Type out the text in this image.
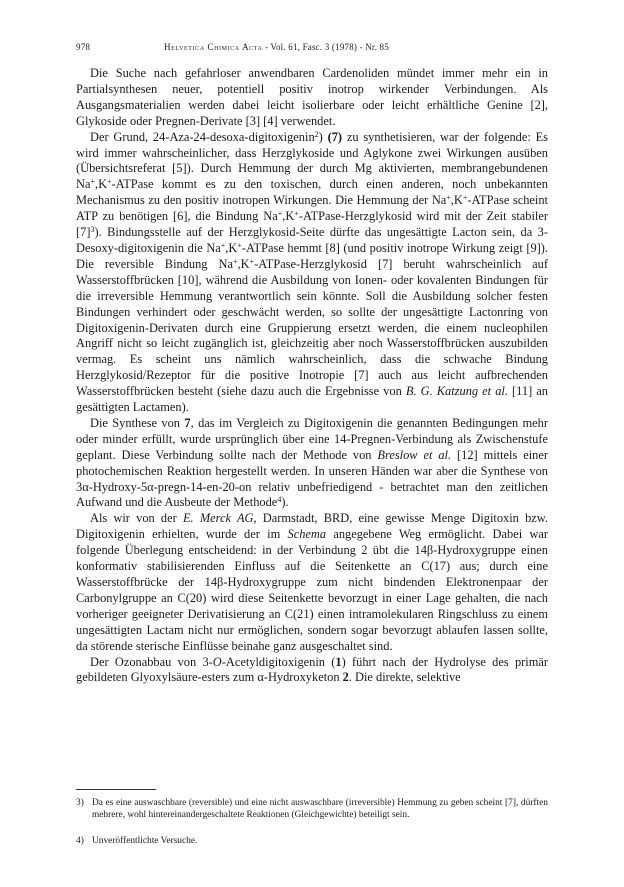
978	Helvetica Chimica Acta - Vol. 61, Fasc. 3 (1978) - Nr. 85

Die Suche nach gefahrloser anwendbaren Cardenoliden mündet immer mehr ein in Partialsynthesen neuer, potentiell positiv inotrop wirkender Verbindungen. Als Ausgangsmaterialien werden dabei leicht isolierbare oder leicht erhältliche Genine [2], Glykoside oder Pregnen-Derivate [3] [4] verwendet.

Der Grund, 24-Aza-24-desoxa-digitoxigenin$^2$) (7) zu synthetisieren, war der folgende: Es wird immer wahrscheinlicher, dass Herzglykoside und Aglykone zwei Wirkungen ausüben (Übersichtsreferat [5]). Durch Hemmung der durch Mg aktivierten, membrangebundenen Na+,K+-ATPase kommt es zu den toxischen, durch einen anderen, noch unbekannten Mechanismus zu den positiv inotropen Wirkungen. Die Hemmung der Na+,K+-ATPase scheint ATP zu benötigen [6], die Bindung Na+,K+-ATPase-Herzglykosid wird mit der Zeit stabiler $[7]^3$). Bindungsstelle auf der Herzglykosid-Seite dürfte das ungesättigte Lacton sein, da 3-Desoxy-digitoxigenin die Na+,K+-ATPase hemmt [8] (und positiv inotrope Wirkung zeigt [9]). Die reversible Bindung Na+,K+-ATPase-Herzglykosid [7] beruht wahrscheinlich auf Wasserstoffbrücken [10], während die Ausbildung von Ionen- oder kovalenten Bindungen für die irreversible Hemmung verantwortlich sein könnte. Soll die Ausbildung solcher festen Bindungen verhindert oder geschwächt werden, so sollte der ungesättigte Lactonring von Digitoxigenin-Derivaten durch eine Gruppierung ersetzt werden, die einem nucleophilen Angriff nicht so leicht zugänglich ist, gleichzeitig aber noch Wasserstoffbrücken auszubilden vermag. Es scheint uns nämlich wahrscheinlich, dass die schwache Bindung Herzglykosid/Rezeptor für die positive Inotropie [7] auch aus leicht aufbrechenden Wasserstoffbrücken besteht (siehe dazu auch die Ergebnisse von B. G. Katzung et al. [11] an gesättigten Lactamen).

Die Synthese von 7, das im Vergleich zu Digitoxigenin die genannten Bedingungen mehr oder minder erfüllt, wurde ursprünglich über eine 14-Pregnen-Verbindung als Zwischenstufe geplant. Diese Verbindung sollte nach der Methode von Breslow et al. [12] mittels einer photochemischen Reaktion hergestellt werden. In unseren Händen war aber die Synthese von 3α-Hydroxy-5α-pregn-14-en-20-on relativ unbefriedigend - betrachtet man den zeitlichen Aufwand und die Ausbeute der Methode$^4$).

Als wir von der E. Merck AG, Darmstadt, BRD, eine gewisse Menge Digitoxin bzw. Digitoxigenin erhielten, wurde der im Schema angegebene Weg ermöglicht. Dabei war folgende Überlegung entscheidend: in der Verbindung 2 übt die 14β-Hydroxygruppe einen konformativ stabilisierenden Einfluss auf die Seitenkette an C(17) aus; durch eine Wasserstoffbrücke der 14β-Hydroxygruppe zum nicht bindenden Elektronenpaar der Carbonylgruppe an C(20) wird diese Seitenkette bevorzugt in einer Lage gehalten, die nach vorheriger geeigneter Derivatisierung an C(21) einen intramolekularen Ringschluss zu einem ungesättigten Lactam nicht nur ermöglichen, sondern sogar bevorzugt ablaufen lassen sollte, da störende sterische Einflüsse beinahe ganz ausgeschaltet sind.

Der Ozonabbau von 3-O-Acetyldigitoxigenin (1) führt nach der Hydrolyse des primär gebildeten Glyoxylsäure-esters zum α-Hydroxyketon 2. Die direkte, selektive

3) Da es eine auswaschbare (reversible) und eine nicht auswaschbare (irreversible) Hemmung zu geben scheint [7], dürften mehrere, wohl hintereinandergeschaltete Reaktionen (Gleichgewichte) beteiligt sein.
4) Unveröffentlichte Versuche.
